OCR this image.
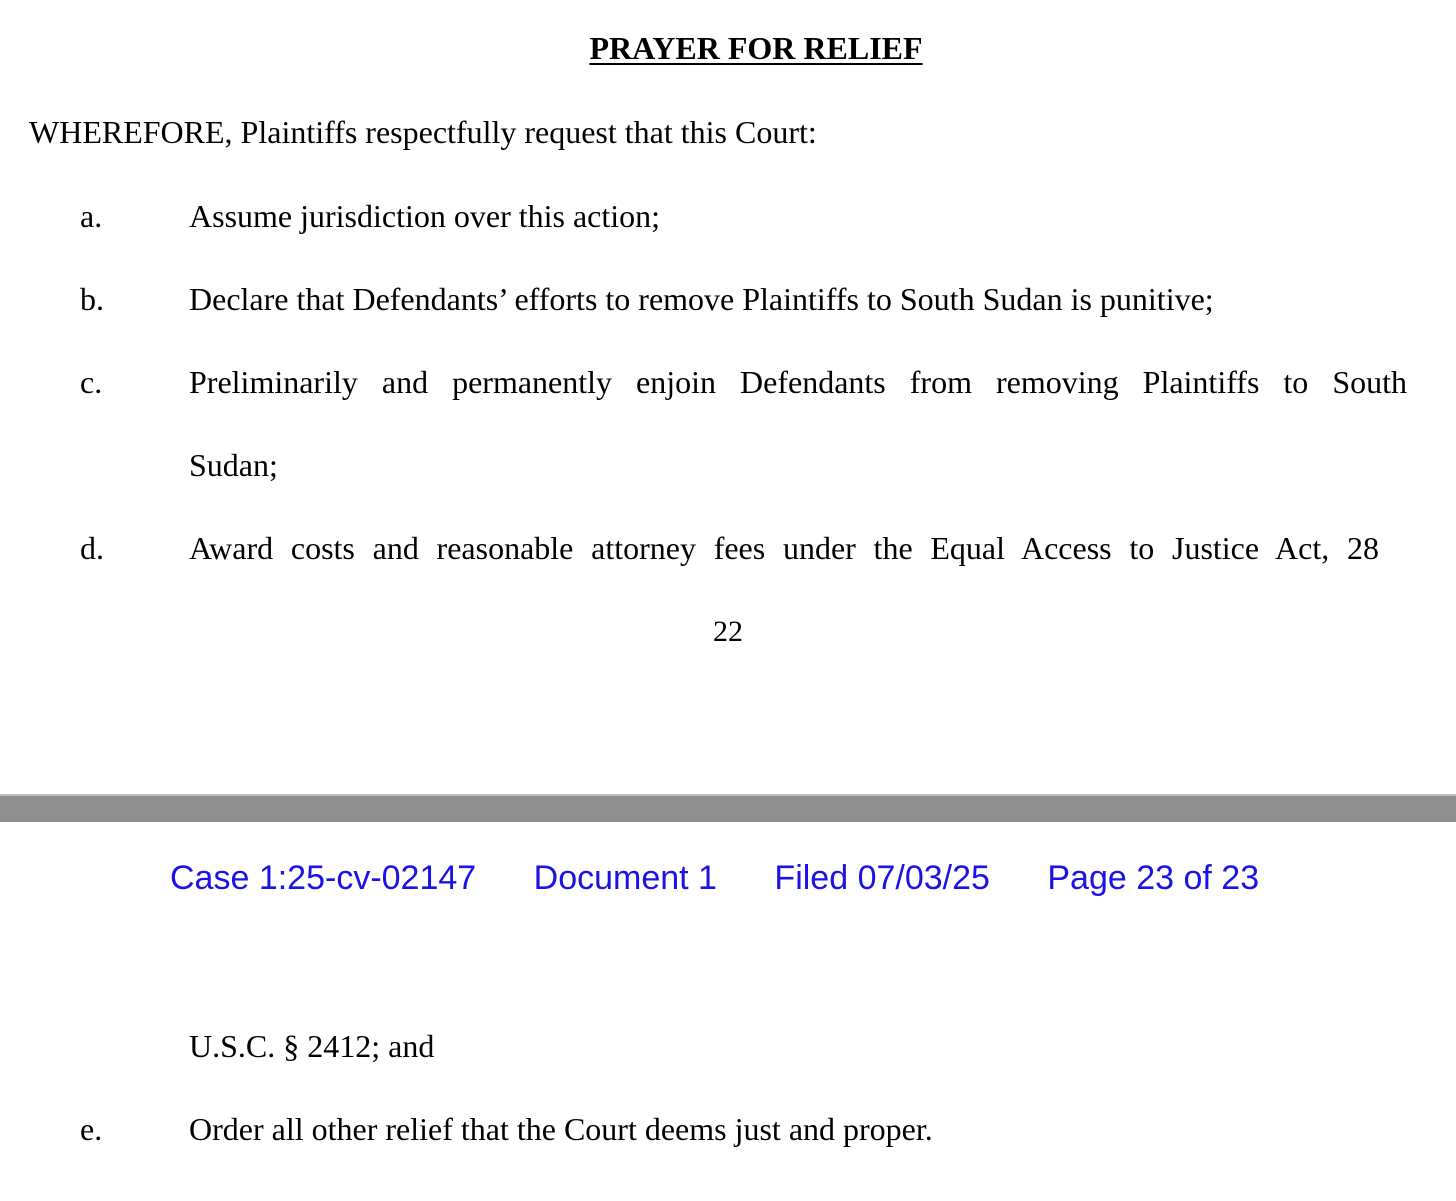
PRAYER FOR RELIEF

WHEREFORE, Plaintiffs respectfully request that this Court:

a.	Assume jurisdiction over this action;
b.	Declare that Defendants’ efforts to remove Plaintiffs to South Sudan is punitive;
c.	Preliminarily and permanently enjoin Defendants from removing Plaintiffs to South
Sudan;
d.	Award costs and reasonable attorney fees under the Equal Access to Justice Act, 28
22
Case 1:25-cv-02147 Document 1 Filed 07/03/25 Page 23 of 23
U.S.C. § 2412; and
e.	Order all other relief that the Court deems just and proper.
